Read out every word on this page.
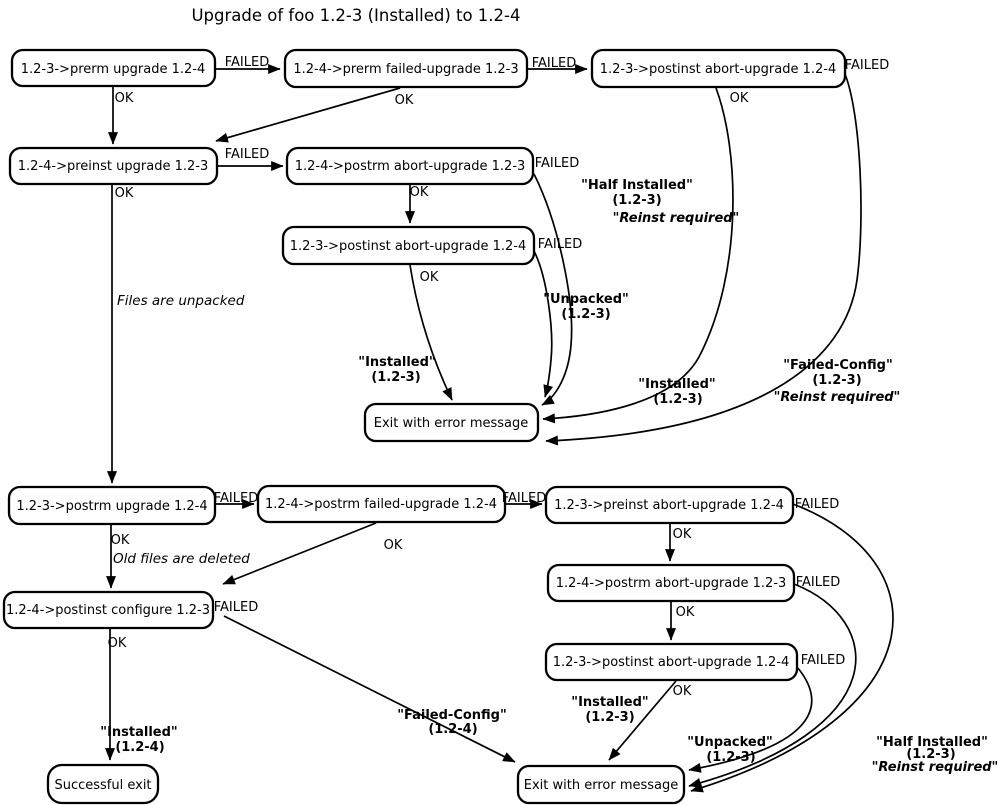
Upgrade of foo 1.2-3 (Installed) to 1.2-4
1.2-3->prerm upgrade 1.2-4	1.2-4->prerm failed-upgrade 1.2-3	1.2-3->postinst abort-upgrade 1.2-4
1.2-4->preinst upgrade 1.2-3	1.2-4->postrm abort-upgrade 1.2-3
1.2-3->postinst abort-upgrade 1.2-4
Exit with error message
1.2-3->postrm upgrade 1.2-4	1.2-4->postrm failed-upgrade 1.2-4	1.2-3->preinst abort-upgrade 1.2-4
1.2-4->postinst configure 1.2-3
1.2-4->postrm abort-upgrade 1.2-3
1.2-3->postinst abort-upgrade 1.2-4
Exit with error message
Successful exit
FAILED	FAILED	FAILED
OK	OK	OK
FAILED
FAILED
OK	OK
FAILED
OK
FAILED	FAILED	FAILED
OK	OK
OK
FAILED
OK
FAILED
OK
FAILED
OK
Files are unpacked
Old files are deleted
"Half Installed"
(1.2-3)
"Reinst required"
"Unpacked"
(1.2-3)
"Installed"
(1.2-3)	"Installed"
(1.2-3)
"Failed-Config"
(1.2-3)
"Reinst required"
"Installed"
(1.2-3)
"Unpacked"
(1.2-3)
"Half Installed"
(1.2-3)
"Reinst required"
"Installed"
(1.2-4)
"Failed-Config"
(1.2-4)
